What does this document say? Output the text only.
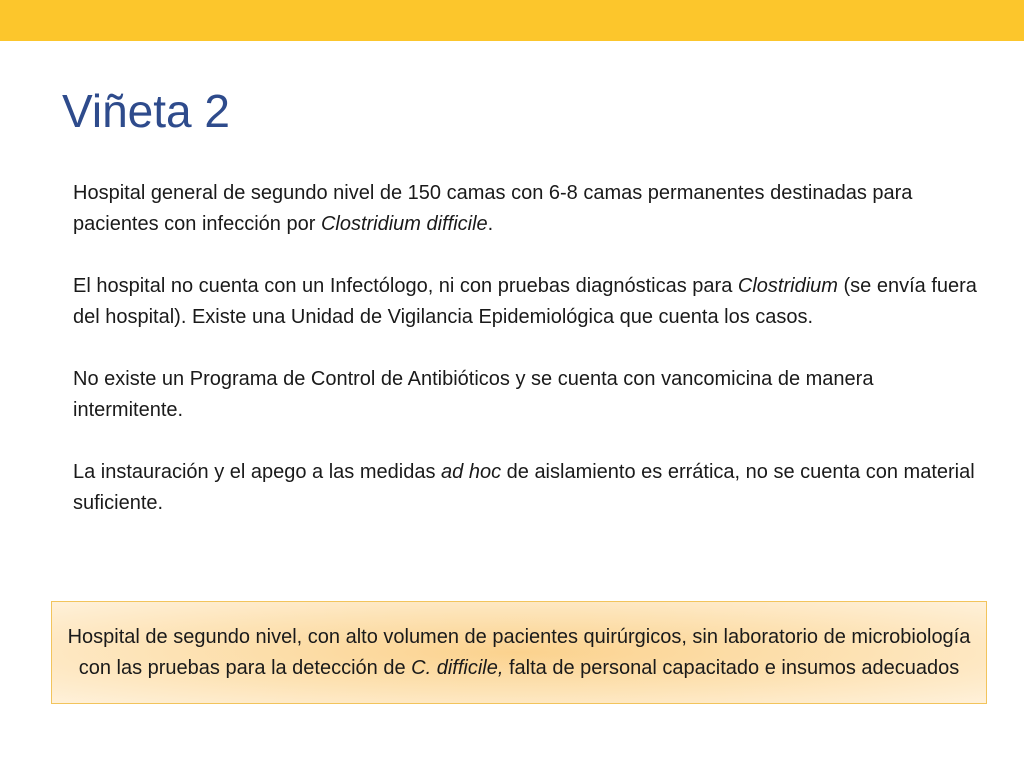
Viñeta 2

Hospital general de segundo nivel de 150 camas con 6-8 camas permanentes destinadas para pacientes con infección por Clostridium difficile.

El hospital no cuenta con un Infectólogo, ni con pruebas diagnósticas para Clostridium (se envía fuera del hospital). Existe una Unidad de Vigilancia Epidemiológica que cuenta los casos.

No existe un Programa de Control de Antibióticos y se cuenta con vancomicina de manera intermitente.

La instauración y el apego a las medidas ad hoc de aislamiento es errática, no se cuenta con material suficiente.

Hospital de segundo nivel, con alto volumen de pacientes quirúrgicos, sin laboratorio de microbiología con las pruebas para la detección de C. difficile, falta de personal capacitado e insumos adecuados
